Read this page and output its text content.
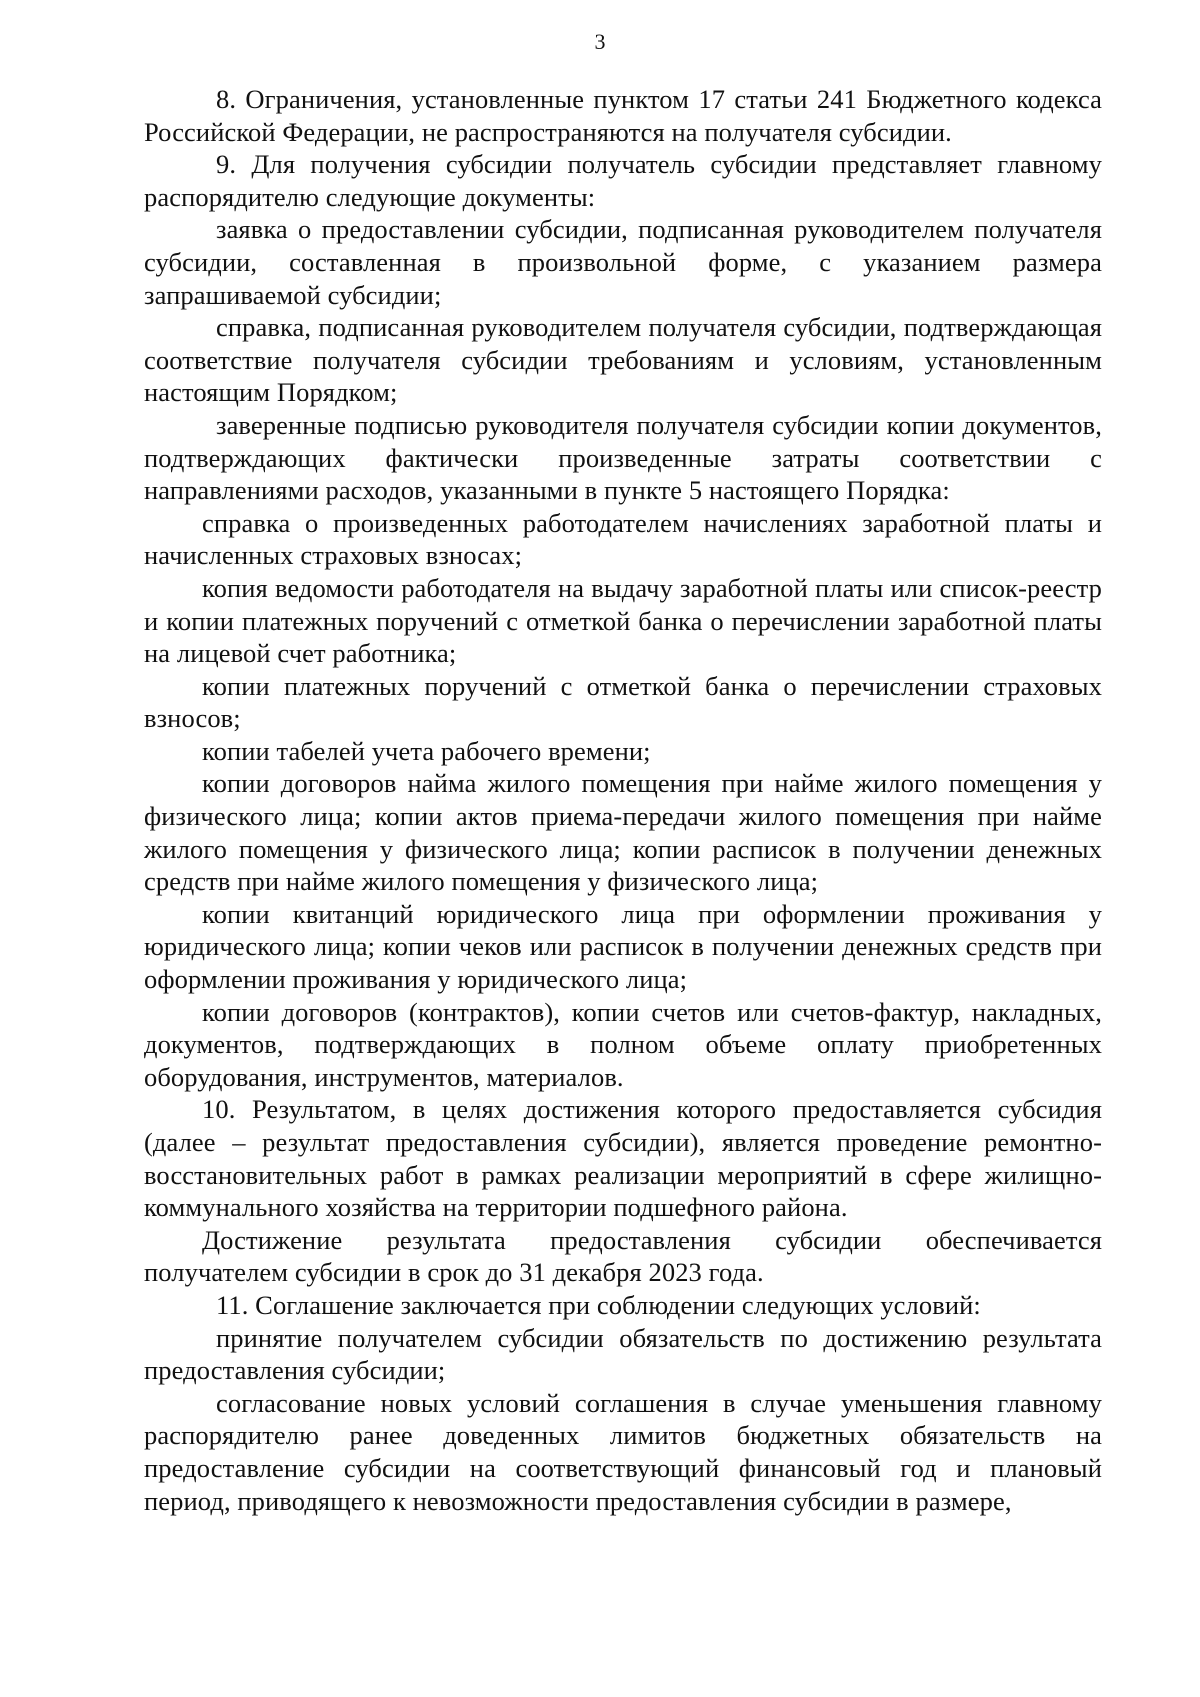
3

8. Ограничения, установленные пунктом 17 статьи 241 Бюджетного кодекса Российской Федерации, не распространяются на получателя субсидии.

9. Для получения субсидии получатель субсидии представляет главному распорядителю следующие документы:

заявка о предоставлении субсидии, подписанная руководителем получателя субсидии, составленная в произвольной форме, с указанием размера запрашиваемой субсидии;

справка, подписанная руководителем получателя субсидии, подтверждающая соответствие получателя субсидии требованиям и условиям, установленным настоящим Порядком;

заверенные подписью руководителя получателя субсидии копии документов, подтверждающих фактически произведенные затраты соответствии с направлениями расходов, указанными в пункте 5 настоящего Порядка:

справка о произведенных работодателем начислениях заработной платы и начисленных страховых взносах;

копия ведомости работодателя на выдачу заработной платы или список-реестр и копии платежных поручений с отметкой банка о перечислении заработной платы на лицевой счет работника;

копии платежных поручений с отметкой банка о перечислении страховых взносов;

копии табелей учета рабочего времени;

копии договоров найма жилого помещения при найме жилого помещения у физического лица; копии актов приема-передачи жилого помещения при найме жилого помещения у физического лица; копии расписок в получении денежных средств при найме жилого помещения у физического лица;

копии квитанций юридического лица при оформлении проживания у юридического лица; копии чеков или расписок в получении денежных средств при оформлении проживания у юридического лица;

копии договоров (контрактов), копии счетов или счетов-фактур, накладных, документов, подтверждающих в полном объеме оплату приобретенных оборудования, инструментов, материалов.

10. Результатом, в целях достижения которого предоставляется субсидия (далее – результат предоставления субсидии), является проведение ремонтно-восстановительных работ в рамках реализации мероприятий в сфере жилищно-коммунального хозяйства на территории подшефного района.

Достижение результата предоставления субсидии обеспечивается получателем субсидии в срок до 31 декабря 2023 года.

11. Соглашение заключается при соблюдении следующих условий:

принятие получателем субсидии обязательств по достижению результата предоставления субсидии;

согласование новых условий соглашения в случае уменьшения главному распорядителю ранее доведенных лимитов бюджетных обязательств на предоставление субсидии на соответствующий финансовый год и плановый период, приводящего к невозможности предоставления субсидии в размере,
